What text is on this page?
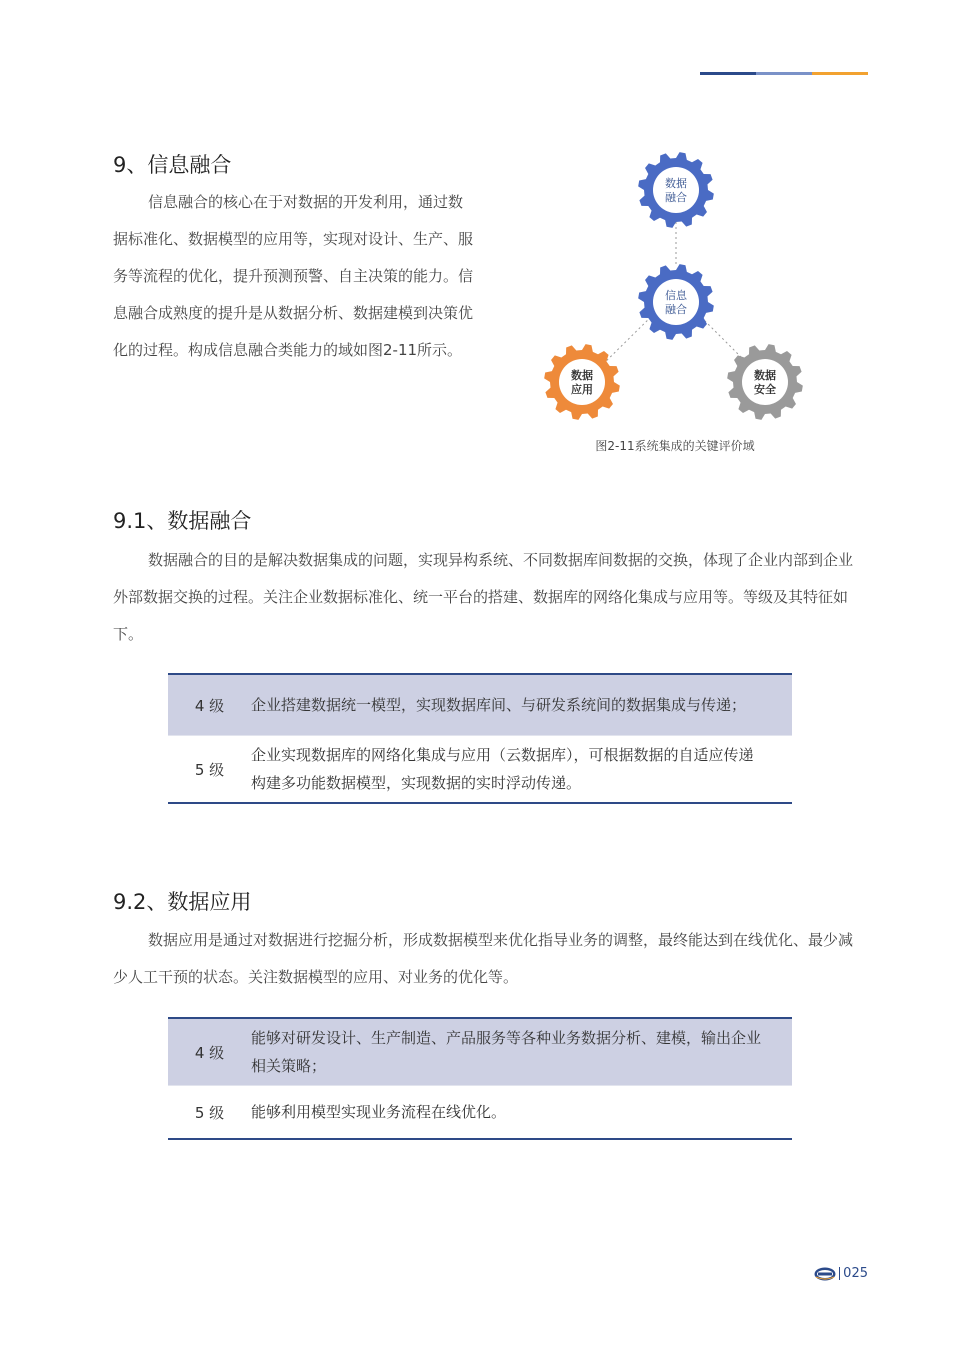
9、信息融合

信息融合的核心在于对数据的开发利用，通过数据标准化、数据模型的应用等，实现对设计、生产、服务等流程的优化，提升预测预警、自主决策的能力。信息融合成熟度的提升是从数据分析、数据建模到决策优化的过程。构成信息融合类能力的域如图2-11所示。

数据
融合
信息
融合
数据
应用
数据
安全
图2-11系统集成的关键评价域
9.1、数据融合

数据融合的目的是解决数据集成的问题，实现异构系统、不同数据库间数据的交换，体现了企业内部到企业外部数据交换的过程。关注企业数据标准化、统一平台的搭建、数据库的网络化集成与应用等。等级及其特征如下。

4 级	企业搭建数据统一模型，实现数据库间、与研发系统间的数据集成与传递；
5 级
企业实现数据库的网络化集成与应用（云数据库），可根据数据的自适应传递构建多功能数据模型，实现数据的实时浮动传递。
9.2、数据应用

数据应用是通过对数据进行挖掘分析，形成数据模型来优化指导业务的调整，最终能达到在线优化、最少减少人工干预的状态。关注数据模型的应用、对业务的优化等。

4 级
能够对研发设计、生产制造、产品服务等各种业务数据分析、建模，输出企业相关策略；
5 级	能够利用模型实现业务流程在线优化。
025
